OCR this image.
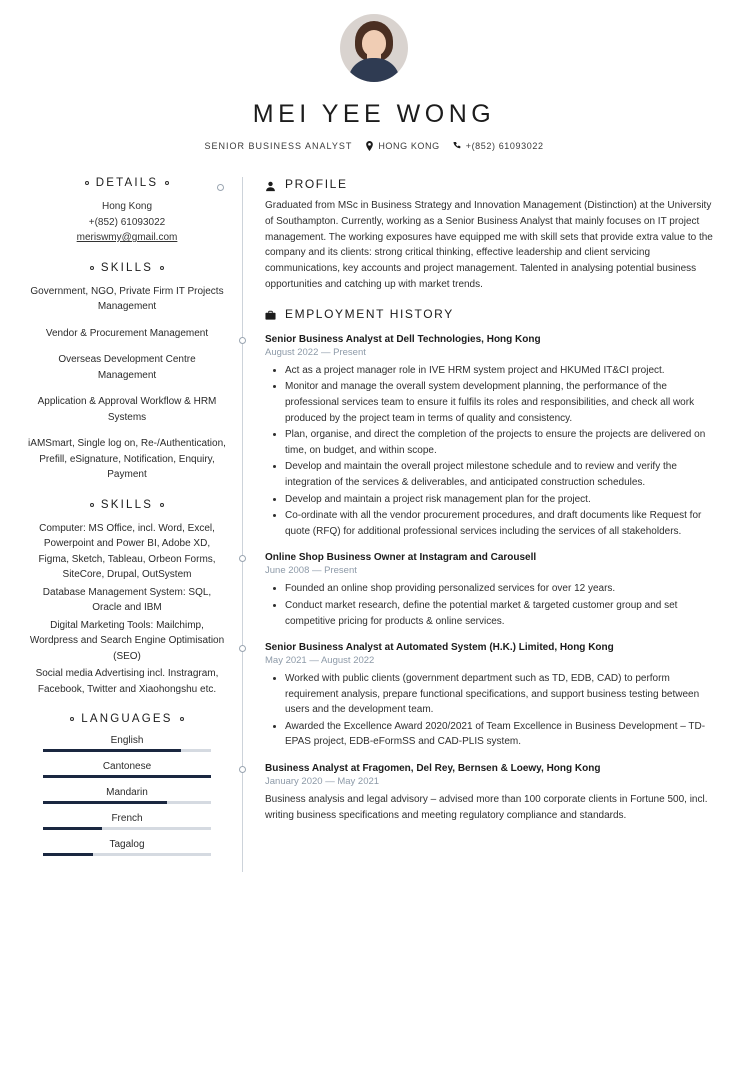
MEI YEE WONG
SENIOR BUSINESS ANALYST	HONG KONG	+(852) 61093022
DETAILS

Hong Kong

+(852) 61093022

meriswmy@gmail.com

SKILLS
Government, NGO, Private Firm IT Projects Management
Vendor & Procurement Management
Overseas Development Centre Management
Application & Approval Workflow & HRM Systems
iAMSmart, Single log on, Re-/Authentication, Prefill, eSignature, Notification, Enquiry, Payment
SKILLS
Computer: MS Office, incl. Word, Excel, Powerpoint and Power BI, Adobe XD, Figma, Sketch, Tableau, Orbeon Forms, SiteCore, Drupal, OutSystem
Database Management System: SQL, Oracle and IBM
Digital Marketing Tools: Mailchimp, Wordpress and Search Engine Optimisation (SEO)
Social media Advertising incl. Instragram, Facebook, Twitter and Xiaohongshu etc.
LANGUAGES
English
Cantonese
Mandarin
French
Tagalog
PROFILE

Graduated from MSc in Business Strategy and Innovation Management (Distinction) at the University of Southampton. Currently, working as a Senior Business Analyst that mainly focuses on IT project management. The working exposures have equipped me with skill sets that provide extra value to the company and its clients: strong critical thinking, effective leadership and client servicing communications, key accounts and project management. Talented in analysing potential business opportunities and catching up with market trends.

EMPLOYMENT HISTORY

Senior Business Analyst at Dell Technologies, Hong Kong

August 2022 — Present

• Act as a project manager role in IVE HRM system project and HKUMed IT&CI project.
• Monitor and manage the overall system development planning, the performance of the professional services team to ensure it fulfils its roles and responsibilities, and check all work produced by the project team in terms of quality and consistency.
• Plan, organise, and direct the completion of the projects to ensure the projects are delivered on time, on budget, and within scope.
• Develop and maintain the overall project milestone schedule and to review and verify the integration of the services & deliverables, and anticipated construction schedules.
• Develop and maintain a project risk management plan for the project.
• Co-ordinate with all the vendor procurement procedures, and draft documents like Request for quote (RFQ) for additional professional services including the services of all stakeholders.

Online Shop Business Owner at Instagram and Carousell

June 2008 — Present

• Founded an online shop providing personalized services for over 12 years.
• Conduct market research, define the potential market & targeted customer group and set competitive pricing for products & online services.

Senior Business Analyst at Automated System (H.K.) Limited, Hong Kong

May 2021 — August 2022

• Worked with public clients (government department such as TD, EDB, CAD) to perform requirement analysis, prepare functional specifications, and support business testing between users and the development team.
• Awarded the Excellence Award 2020/2021 of Team Excellence in Business Development – TD-EPAS project, EDB-eFormSS and CAD-PLIS system.

Business Analyst at Fragomen, Del Rey, Bernsen & Loewy, Hong Kong

January 2020 — May 2021

Business analysis and legal advisory – advised more than 100 corporate clients in Fortune 500, incl. writing business specifications and meeting regulatory compliance and standards.
